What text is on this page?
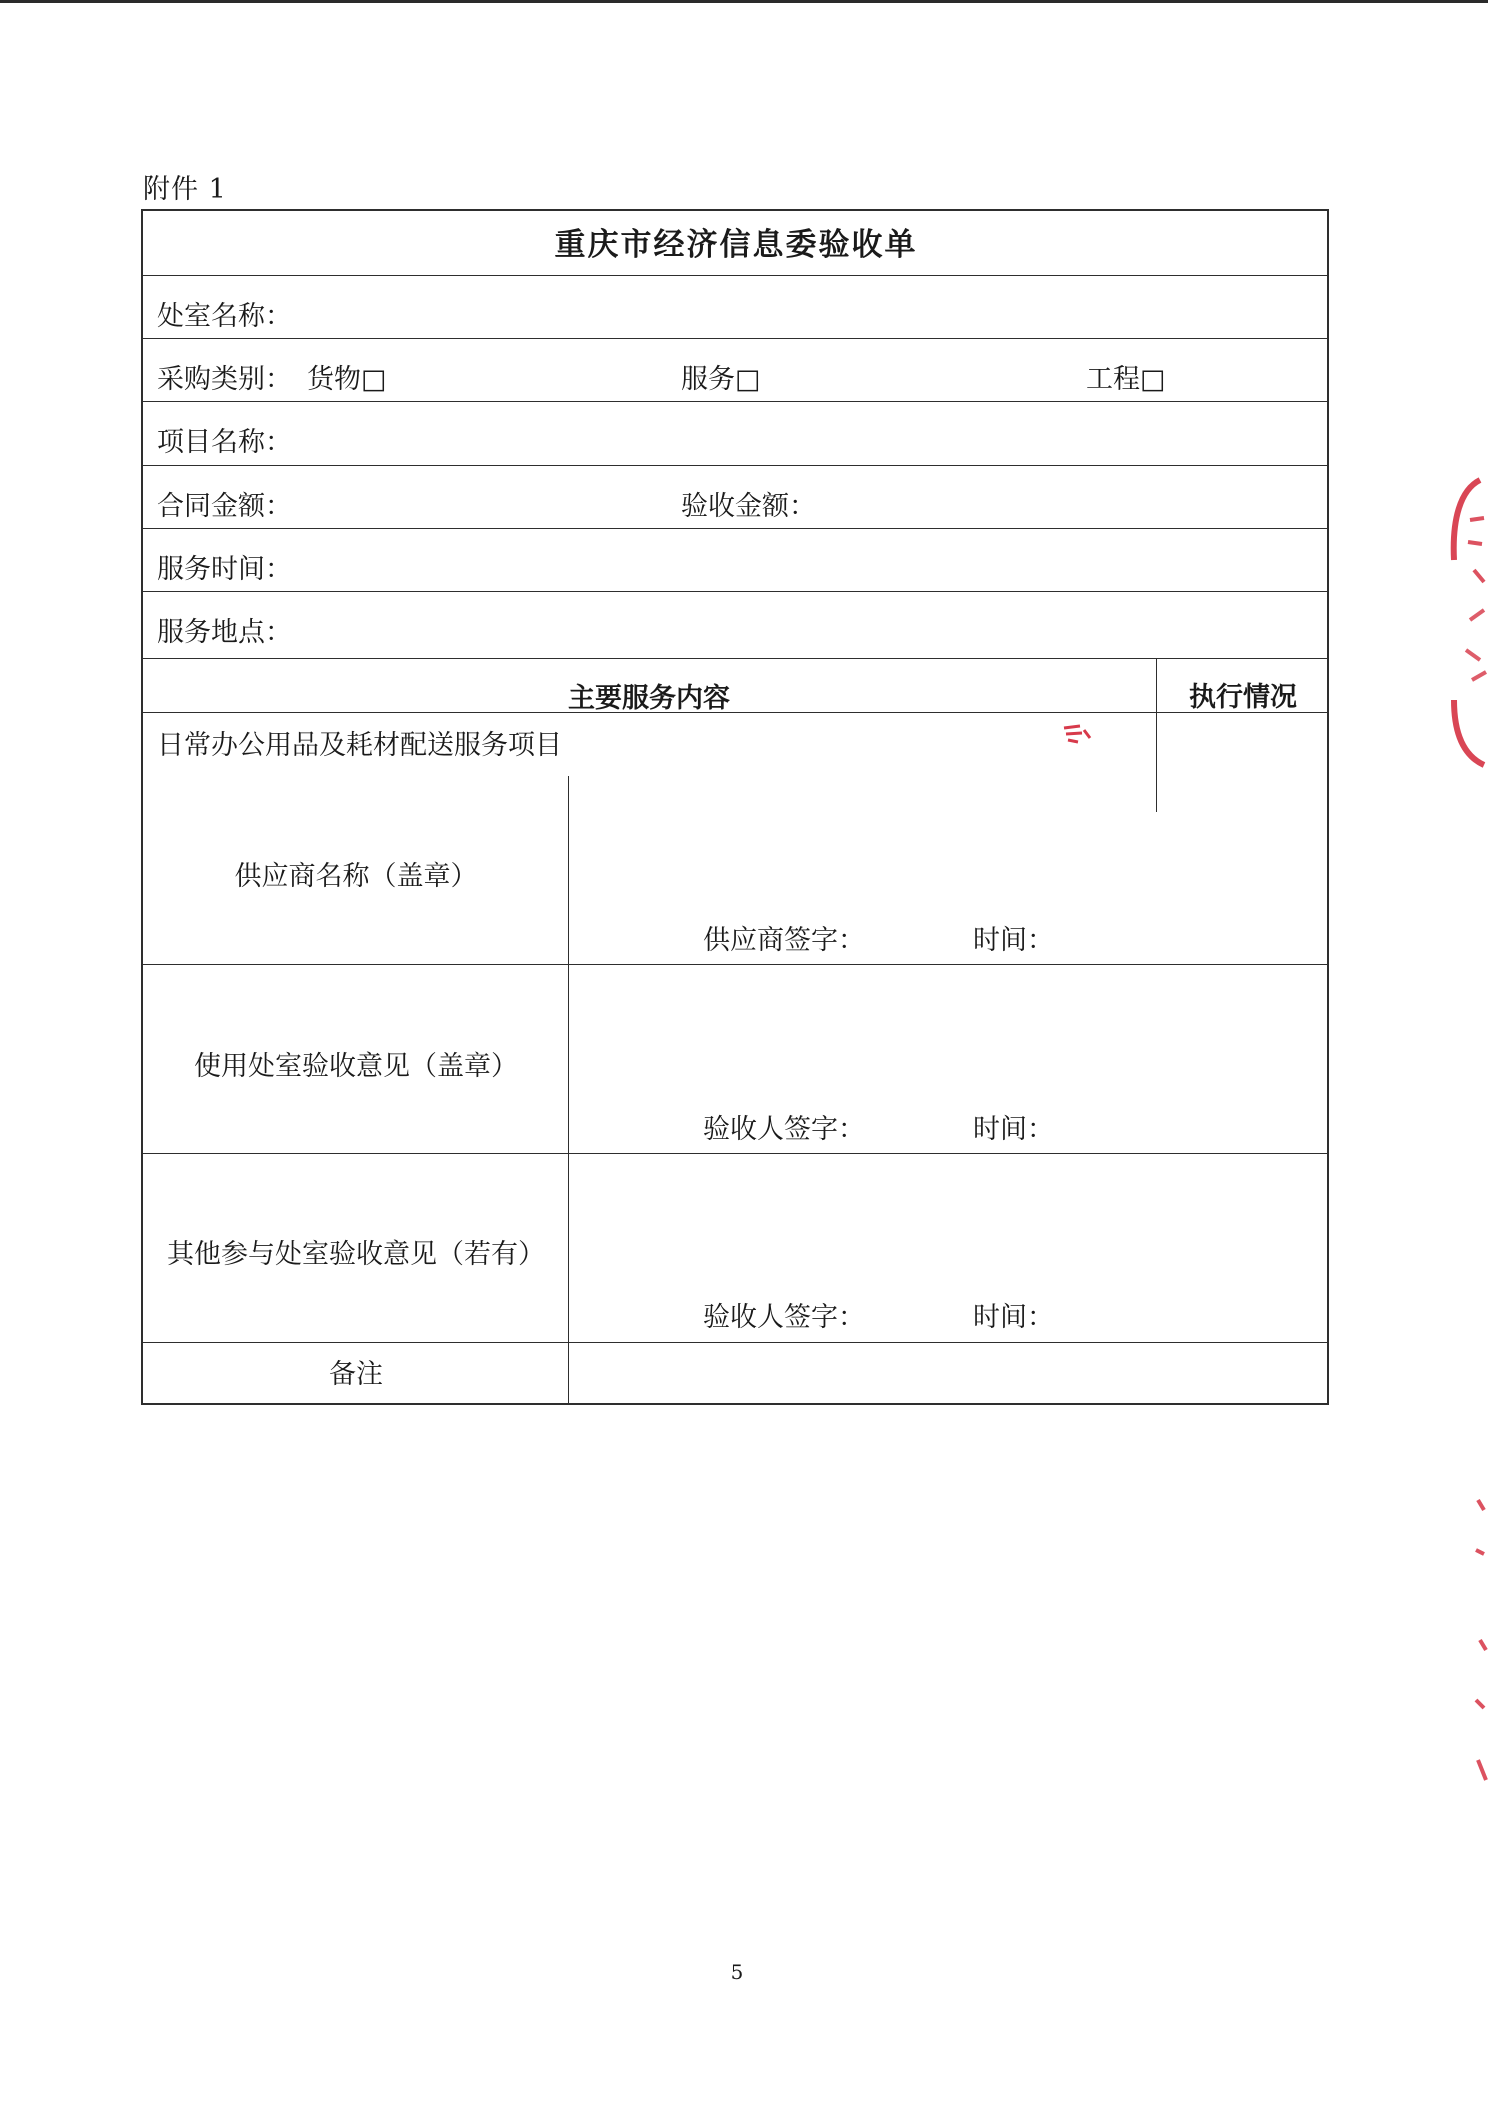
附件 1
重庆市经济信息委验收单
处室名称：
采购类别： 货物□	服务□	工程□
项目名称：
合同金额：	验收金额：
服务时间：
服务地点：
主要服务内容	执行情况
日常办公用品及耗材配送服务项目
供应商名称（盖章）
供应商签字：	时间：
使用处室验收意见（盖章）
验收人签字：	时间：
其他参与处室验收意见（若有）
验收人签字：	时间：
备注
5
